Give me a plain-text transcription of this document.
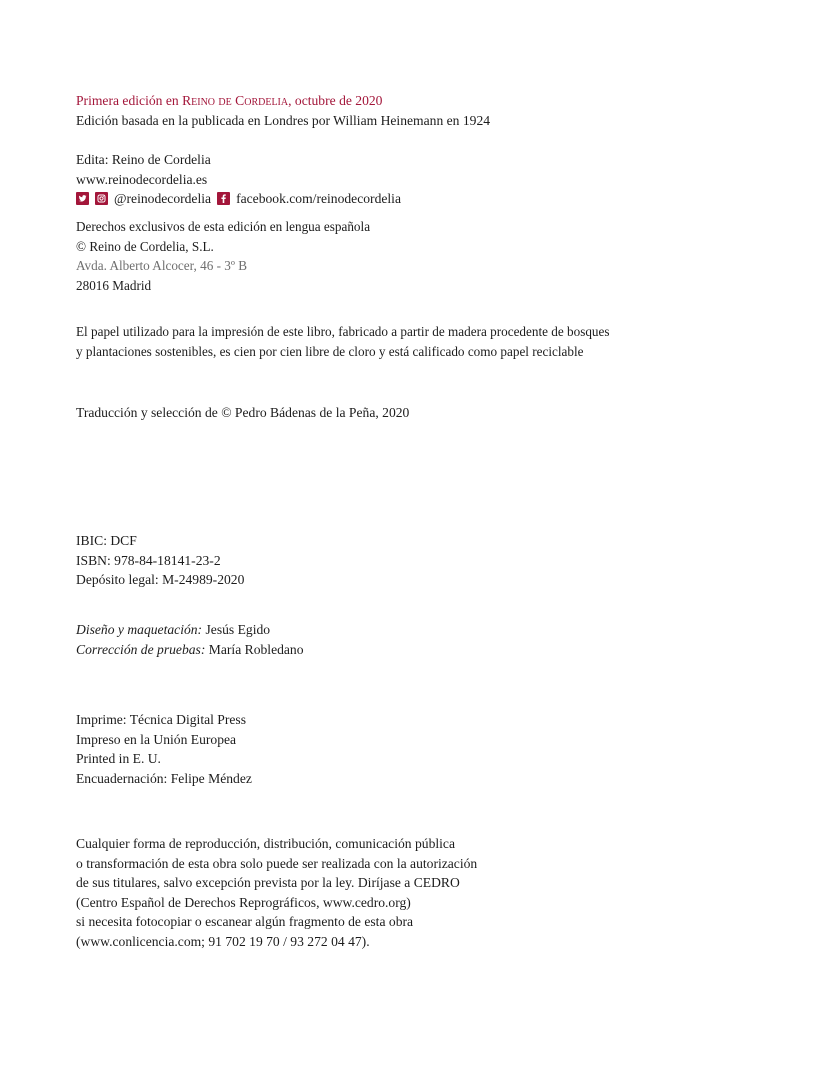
Primera edición en Reino de Cordelia, octubre de 2020
Edición basada en la publicada en Londres por William Heinemann en 1924
Edita: Reino de Cordelia
www.reinodecordelia.es
@reinodecordelia facebook.com/reinodecordelia
Derechos exclusivos de esta edición en lengua española
© Reino de Cordelia, S.L.
Avda. Alberto Alcocer, 46 - 3º B
28016 Madrid
El papel utilizado para la impresión de este libro, fabricado a partir de madera procedente de bosques
y plantaciones sostenibles, es cien por cien libre de cloro y está calificado como papel reciclable
Traducción y selección de © Pedro Bádenas de la Peña, 2020
IBIC: DCF
ISBN: 978-84-18141-23-2
Depósito legal: M-24989-2020
Diseño y maquetación: Jesús Egido
Corrección de pruebas: María Robledano
Imprime: Técnica Digital Press
Impreso en la Unión Europea
Printed in E. U.
Encuadernación: Felipe Méndez
Cualquier forma de reproducción, distribución, comunicación pública
o transformación de esta obra solo puede ser realizada con la autorización
de sus titulares, salvo excepción prevista por la ley. Diríjase a CEDRO
(Centro Español de Derechos Reprográficos, www.cedro.org)
si necesita fotocopiar o escanear algún fragmento de esta obra
(www.conlicencia.com; 91 702 19 70 / 93 272 04 47).
